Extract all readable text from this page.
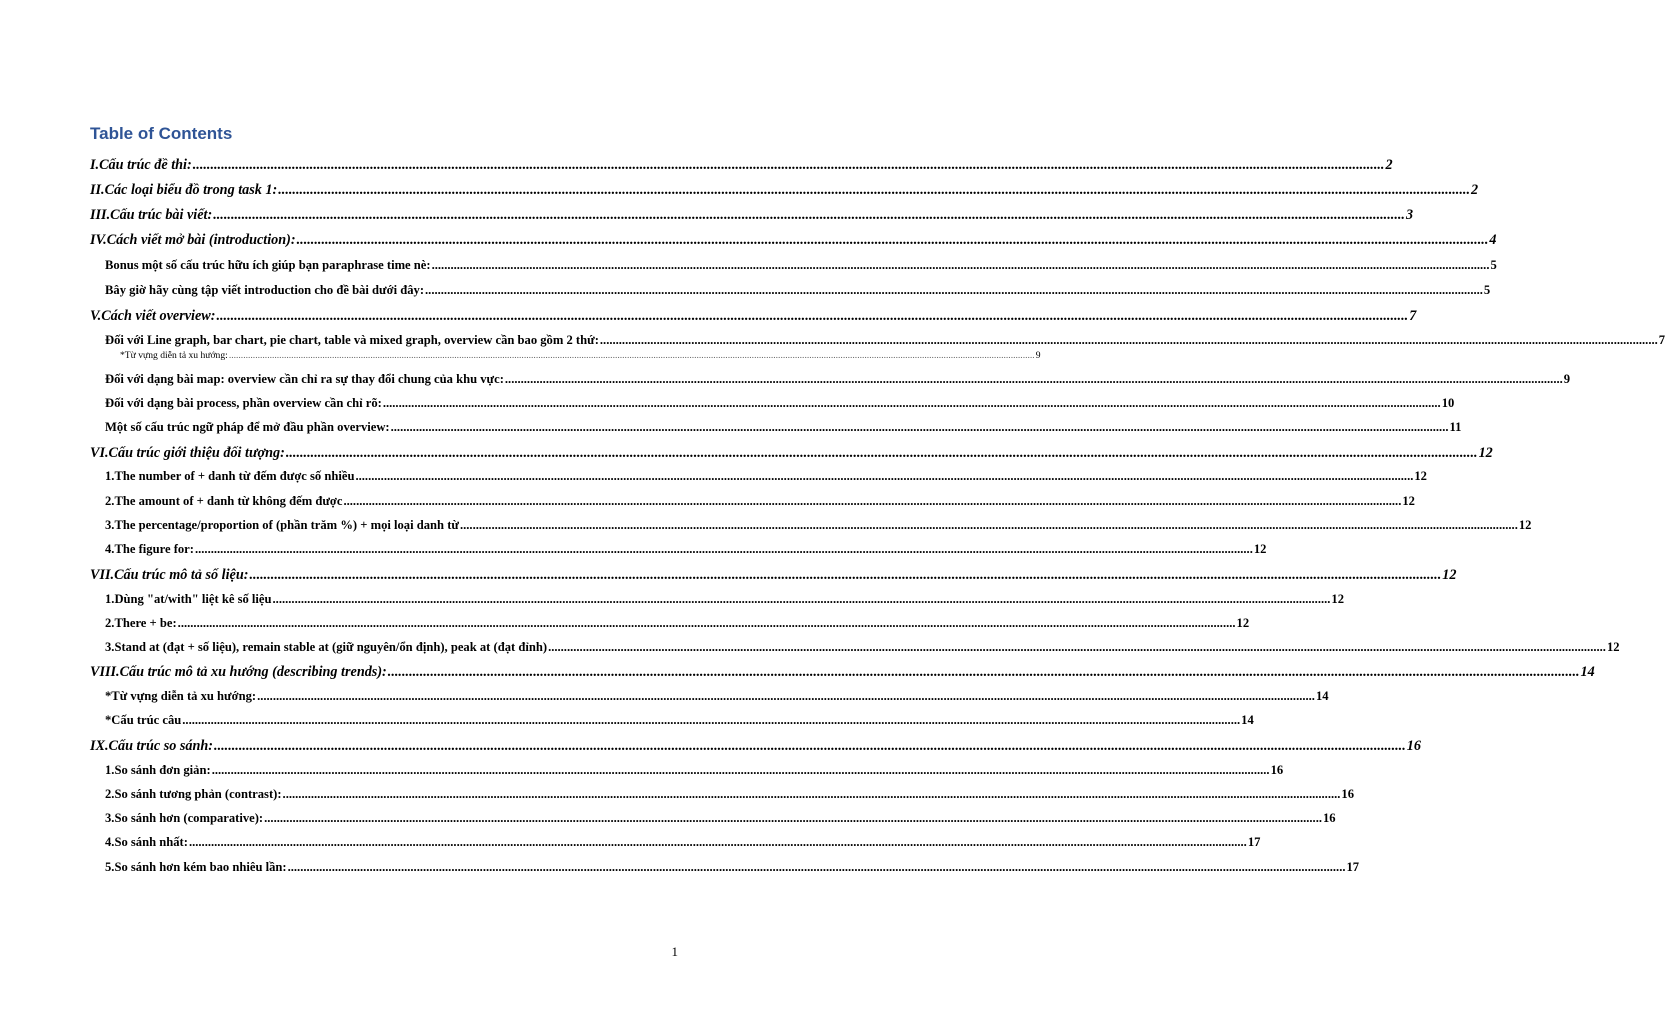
Table of Contents
I. Cấu trúc đề thi: .....	2
II. Các loại biểu đồ trong task 1: .....	2
III. Cấu trúc bài viết: .....	3
IV. Cách viết mở bài (introduction): .....	4
Bonus một số cấu trúc hữu ích giúp bạn paraphrase time nè: .....	5
Bây giờ hãy cùng tập viết introduction cho đề bài dưới đây: .....	5
V. Cách viết overview: .....	7
Đối với Line graph, bar chart, pie chart, table và mixed graph, overview cần bao gồm 2 thứ: .....	7
*Từ vựng diễn tả xu hướng: .....	9
Đối với dạng bài map: overview cần chỉ ra sự thay đổi chung của khu vực: .....	9
Đối với dạng bài process, phần overview cần chỉ rõ: .....	10
Một số cấu trúc ngữ pháp để mở đầu phần overview: .....	11
VI. Cấu trúc giới thiệu đối tượng: .....	12
1. The number of + danh từ đếm được số nhiều .....	12
2. The amount of + danh từ không đếm được .....	12
3. The percentage/proportion of (phần trăm %) + mọi loại danh từ .....	12
4. The figure for: .....	12
VII. Cấu trúc mô tả số liệu: .....	12
1. Dùng "at/with" liệt kê số liệu .....	12
2. There + be: .....	12
3. Stand at (đạt + số liệu), remain stable at (giữ nguyên/ổn định), peak at (đạt đỉnh) .....	12
VIII. Cấu trúc mô tả xu hướng (describing trends): .....	14
*Từ vựng diễn tả xu hướng: .....	14
*Cấu trúc câu .....	14
IX. Cấu trúc so sánh: .....	16
1. So sánh đơn giản: .....	16
2. So sánh tương phản (contrast): .....	16
3. So sánh hơn (comparative): .....	16
4. So sánh nhất: .....	17
5. So sánh hơn kém bao nhiêu lần: .....	17
1
